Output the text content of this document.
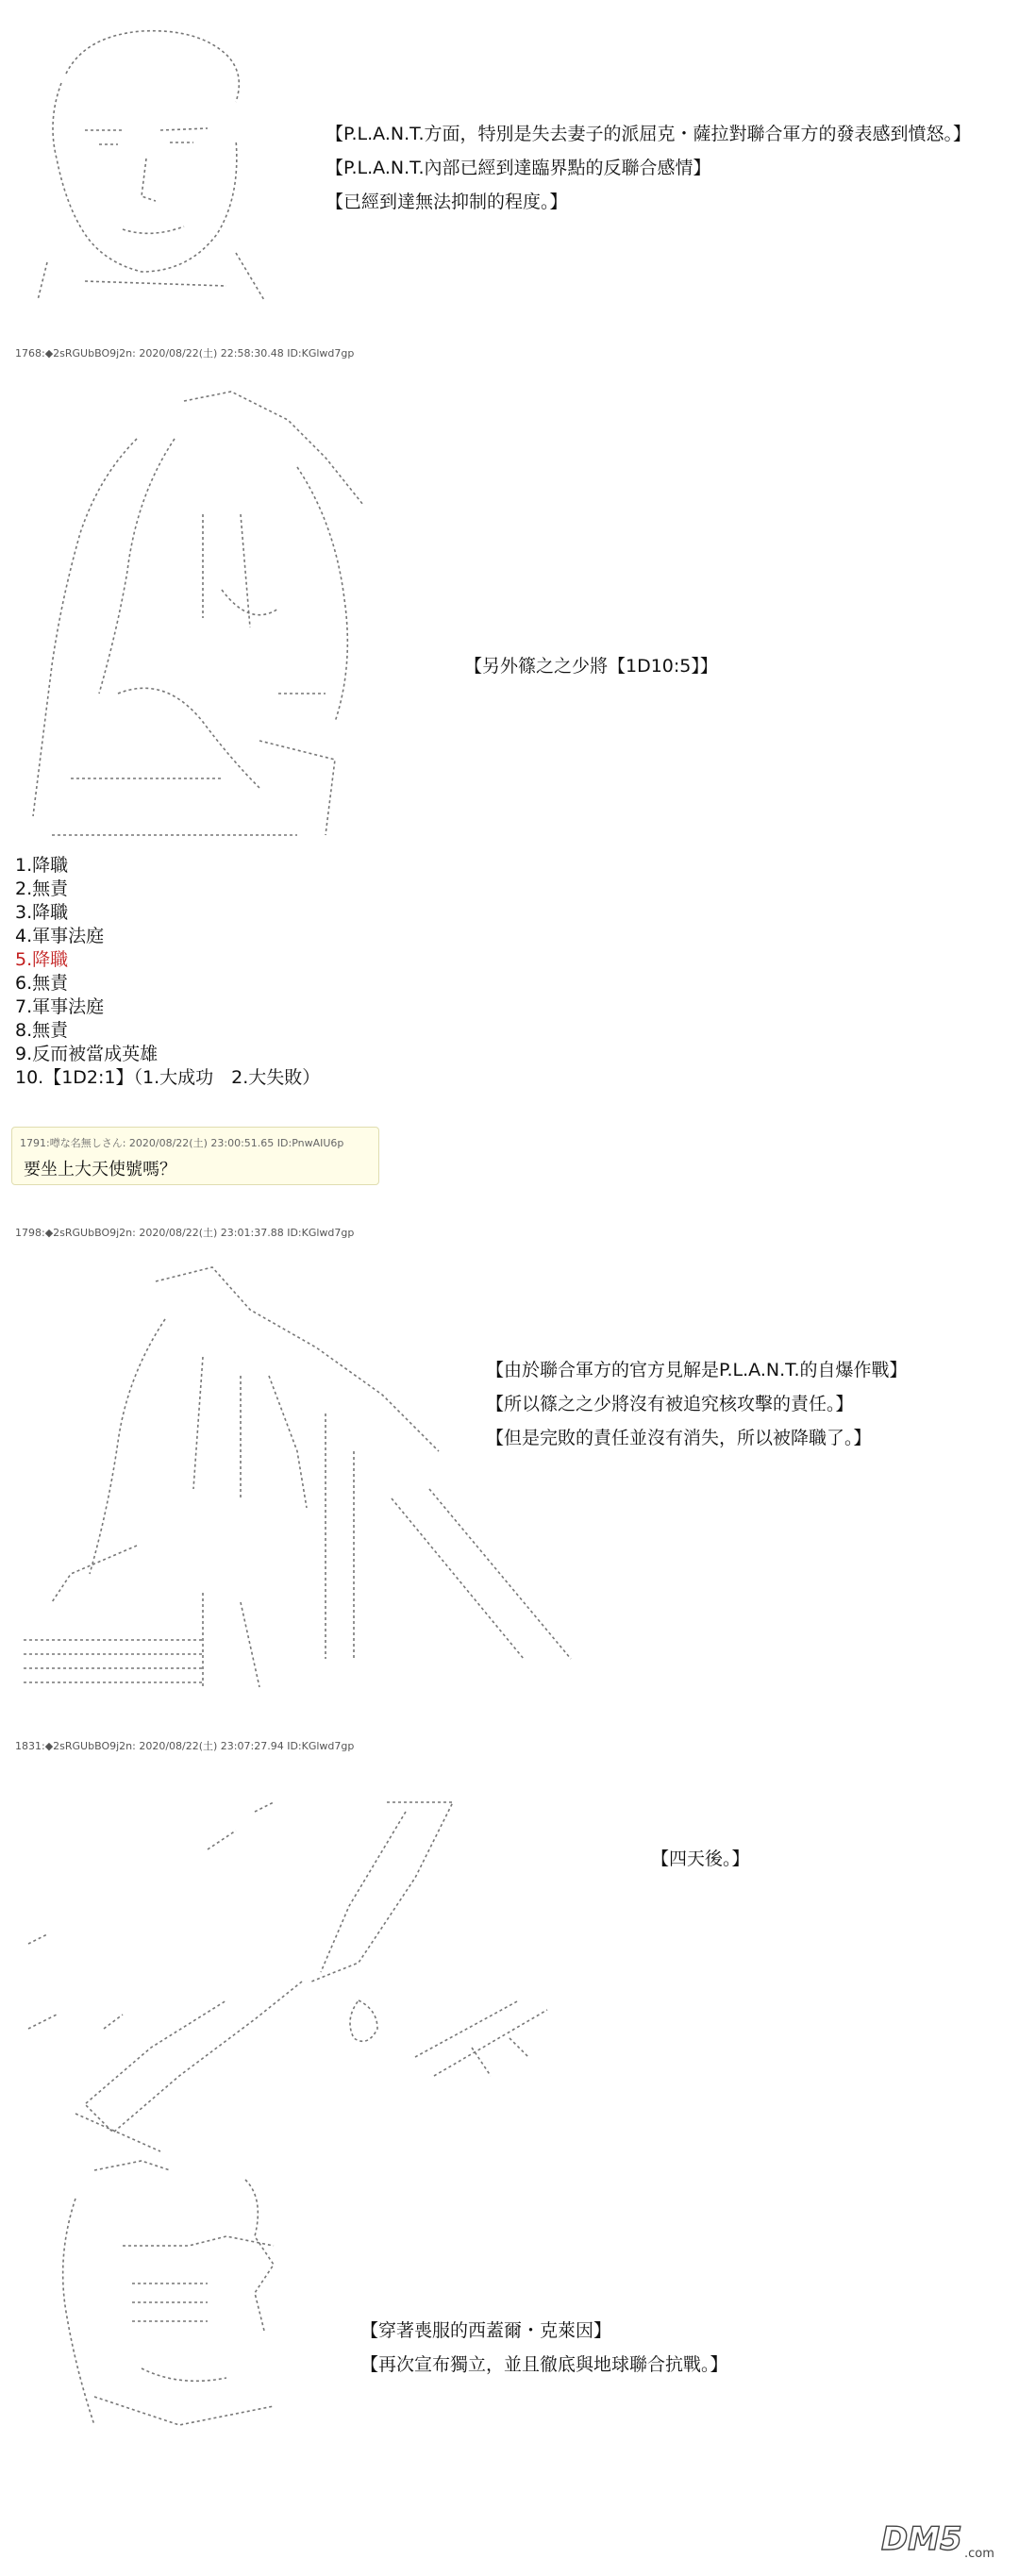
【P.L.A.N.T.方面，特別是失去妻子的派屈克・薩拉對聯合軍方的發表感到憤怒。】
【P.L.A.N.T.內部已經到達臨界點的反聯合感情】
【已經到達無法抑制的程度。】
1768:◆2sRGUbBO9j2n: 2020/08/22(土) 22:58:30.48 ID:KGlwd7gp
【另外篠之之少將【1D10:5】】
1.降職
2.無責
3.降職
4.軍事法庭
5.降職
6.無責
7.軍事法庭
8.無責
9.反而被當成英雄
10.【1D2:1】（1.大成功　2.大失敗）
1791:噂な名無しさん: 2020/08/22(土) 23:00:51.65 ID:PnwAIU6p
要坐上大天使號嗎？
1798:◆2sRGUbBO9j2n: 2020/08/22(土) 23:01:37.88 ID:KGlwd7gp
【由於聯合軍方的官方見解是P.L.A.N.T.的自爆作戰】
【所以篠之之少將沒有被追究核攻擊的責任。】
【但是完敗的責任並沒有消失，所以被降職了。】
1831:◆2sRGUbBO9j2n: 2020/08/22(土) 23:07:27.94 ID:KGlwd7gp
【四天後。】
【穿著喪服的西蓋爾・克萊因】
【再次宣布獨立，並且徹底與地球聯合抗戰。】
DM5 .com
